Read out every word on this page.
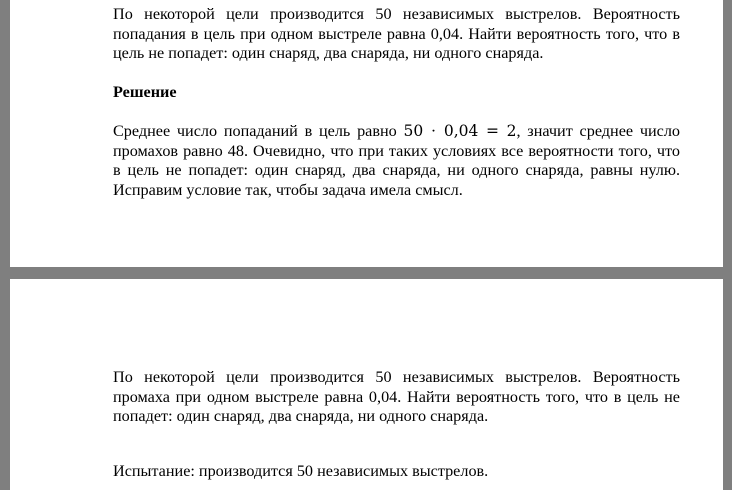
По некоторой цели производится 50 независимых выстрелов. Вероятность попадания в цель при одном выстреле равна 0,04. Найти вероятность того, что в цель не попадет: один снаряд, два снаряда, ни одного снаряда.
Решение
Среднее число попаданий в цель равно 50 ⋅ 0,04 = 2, значит среднее число промахов равно 48. Очевидно, что при таких условиях все вероятности того, что в цель не попадет: один снаряд, два снаряда, ни одного снаряда, равны нулю. Исправим условие так, чтобы задача имела смысл.
По некоторой цели производится 50 независимых выстрелов. Вероятность промаха при одном выстреле равна 0,04. Найти вероятность того, что в цель не попадет: один снаряд, два снаряда, ни одного снаряда.
Испытание: производится 50 независимых выстрелов.
